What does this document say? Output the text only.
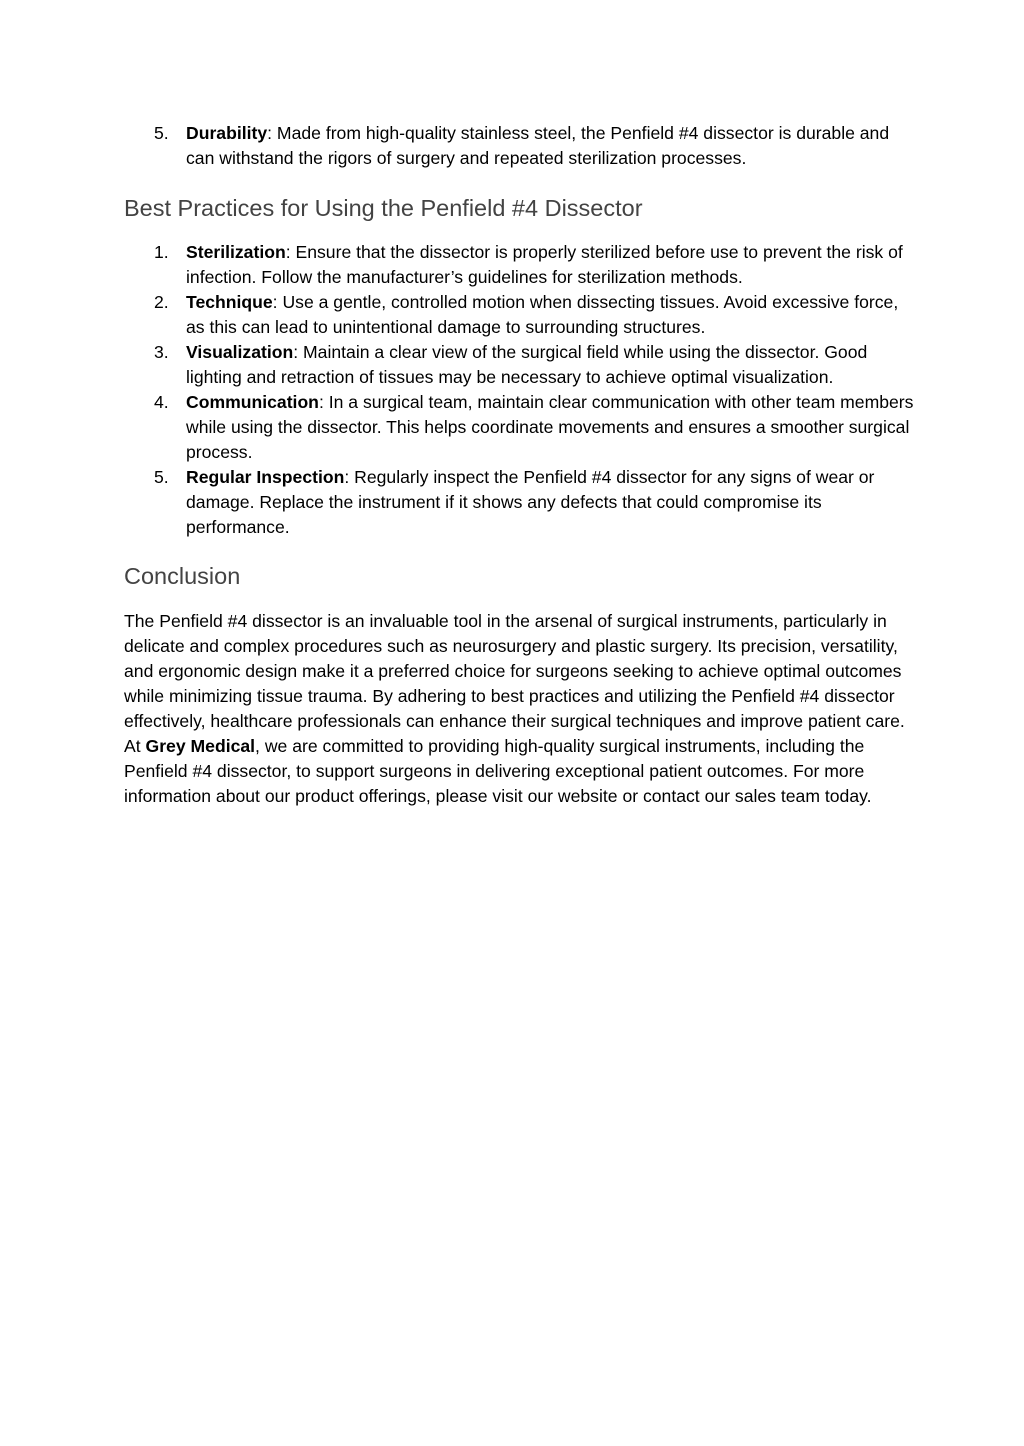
5. Durability: Made from high-quality stainless steel, the Penfield #4 dissector is durable and can withstand the rigors of surgery and repeated sterilization processes.
Best Practices for Using the Penfield #4 Dissector
1. Sterilization: Ensure that the dissector is properly sterilized before use to prevent the risk of infection. Follow the manufacturer’s guidelines for sterilization methods.
2. Technique: Use a gentle, controlled motion when dissecting tissues. Avoid excessive force, as this can lead to unintentional damage to surrounding structures.
3. Visualization: Maintain a clear view of the surgical field while using the dissector. Good lighting and retraction of tissues may be necessary to achieve optimal visualization.
4. Communication: In a surgical team, maintain clear communication with other team members while using the dissector. This helps coordinate movements and ensures a smoother surgical process.
5. Regular Inspection: Regularly inspect the Penfield #4 dissector for any signs of wear or damage. Replace the instrument if it shows any defects that could compromise its performance.
Conclusion

The Penfield #4 dissector is an invaluable tool in the arsenal of surgical instruments, particularly in delicate and complex procedures such as neurosurgery and plastic surgery. Its precision, versatility, and ergonomic design make it a preferred choice for surgeons seeking to achieve optimal outcomes while minimizing tissue trauma. By adhering to best practices and utilizing the Penfield #4 dissector effectively, healthcare professionals can enhance their surgical techniques and improve patient care. At Grey Medical, we are committed to providing high-quality surgical instruments, including the Penfield #4 dissector, to support surgeons in delivering exceptional patient outcomes. For more information about our product offerings, please visit our website or contact our sales team today.
